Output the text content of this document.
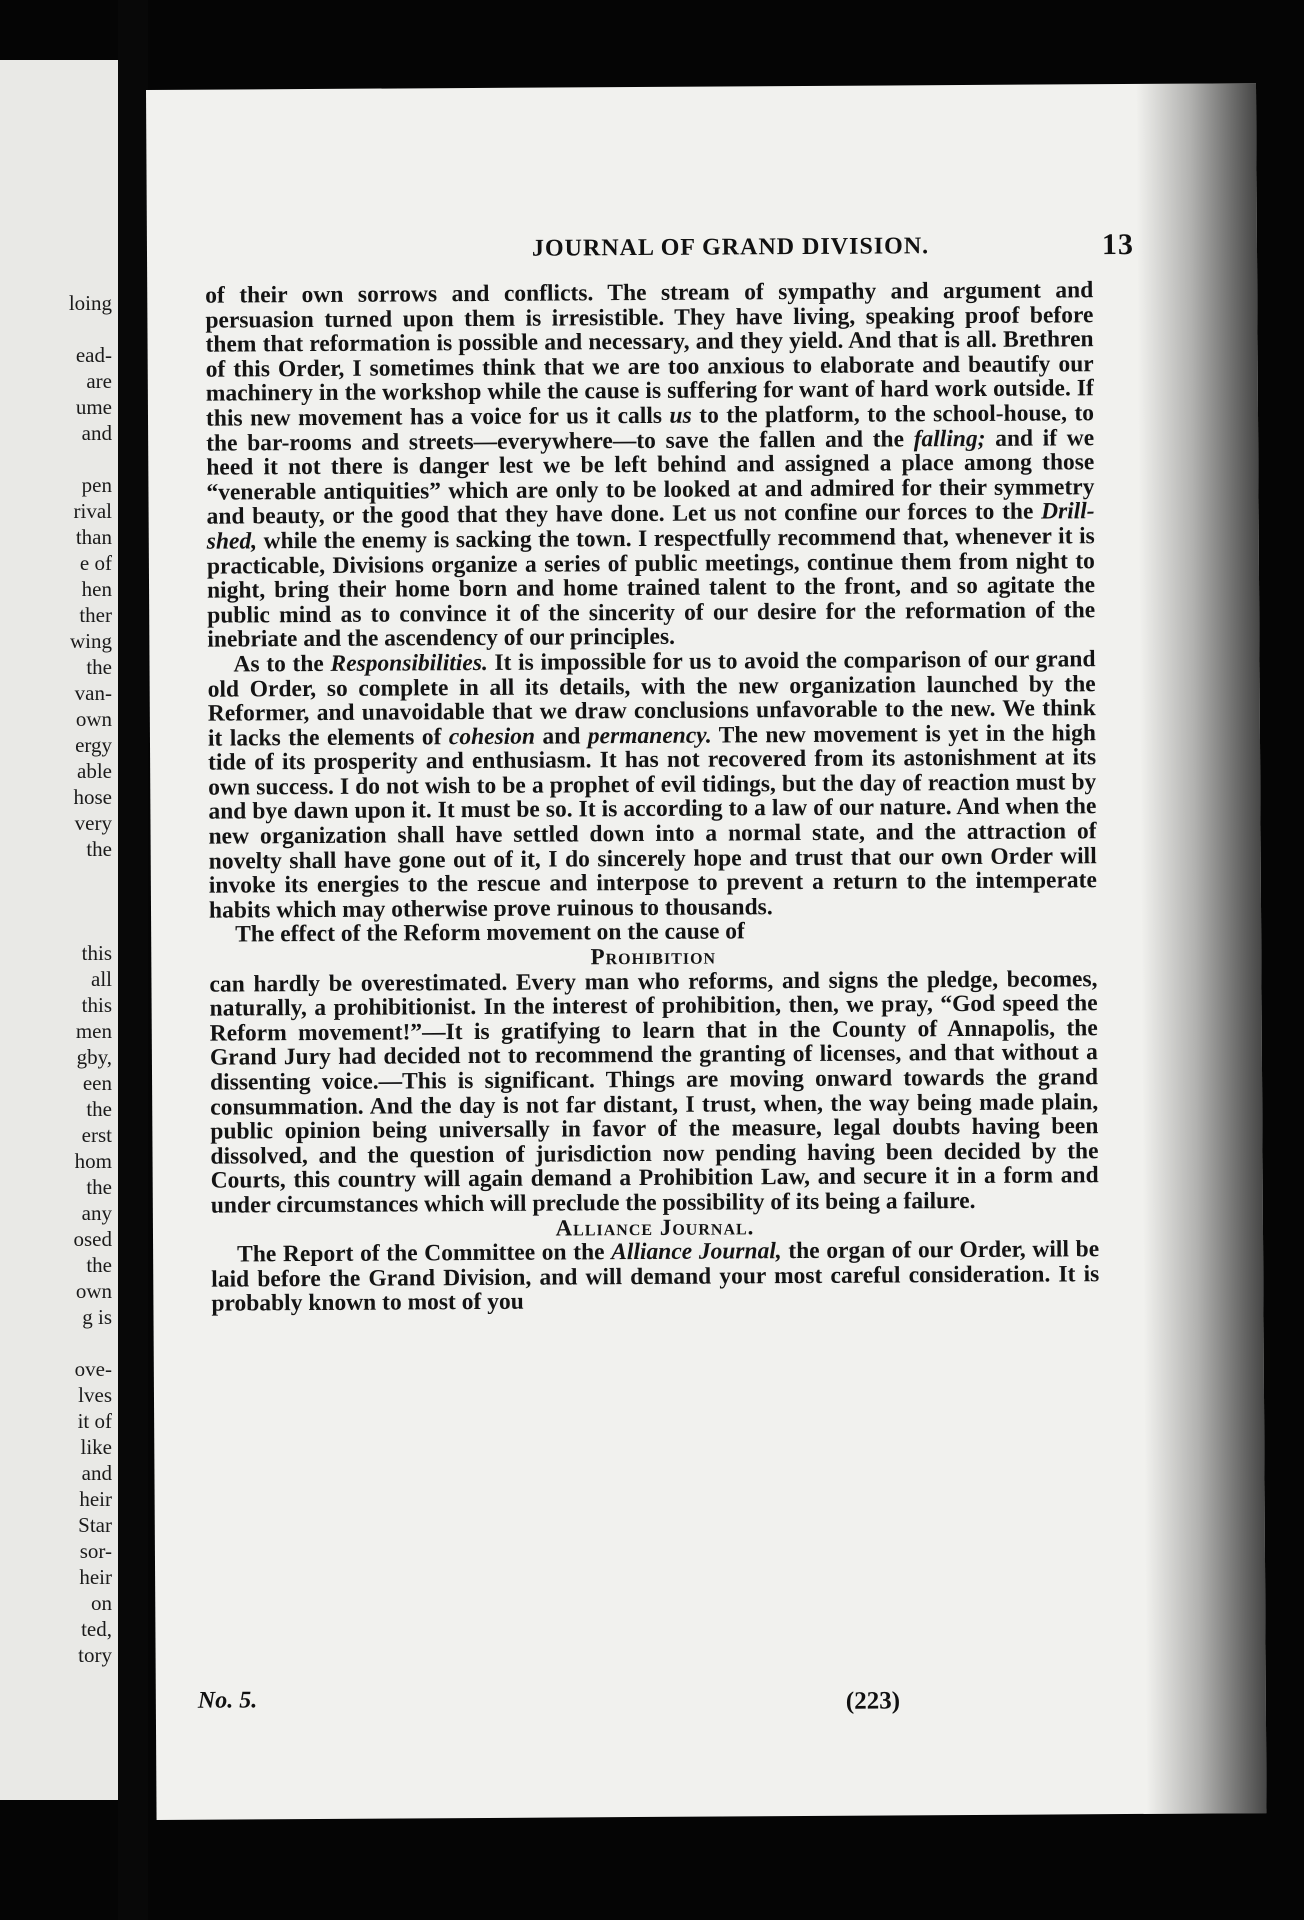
loing

ead-
are
ume
and

pen
rival
than
e of
hen
ther
wing
the
van-
own
ergy
able
hose
very
the

this
all
this
men
gby,
een
the
erst
hom
the
any
osed
the
own
g is

ove-
lves
it of
like
and
heir
Star
sor-
heir
on
ted,
tory
JOURNAL OF GRAND DIVISION.	13

of their own sorrows and conflicts. The stream of sympathy and argument and persuasion turned upon them is irresistible. They have living, speaking proof before them that reformation is possible and necessary, and they yield. And that is all. Brethren of this Order, I sometimes think that we are too anxious to elaborate and beautify our machinery in the workshop while the cause is suffering for want of hard work outside. If this new movement has a voice for us it calls us to the platform, to the school-house, to the bar-rooms and streets—everywhere—to save the fallen and the falling; and if we heed it not there is danger lest we be left behind and assigned a place among those “venerable antiquities” which are only to be looked at and admired for their symmetry and beauty, or the good that they have done. Let us not confine our forces to the Drill-shed, while the enemy is sacking the town. I respectfully recommend that, whenever it is practicable, Divisions organize a series of public meetings, continue them from night to night, bring their home born and home trained talent to the front, and so agitate the public mind as to convince it of the sincerity of our desire for the reformation of the inebriate and the ascendency of our principles.

As to the Responsibilities. It is impossible for us to avoid the comparison of our grand old Order, so complete in all its details, with the new organization launched by the Reformer, and unavoidable that we draw conclusions unfavorable to the new. We think it lacks the elements of cohesion and permanency. The new movement is yet in the high tide of its prosperity and enthusiasm. It has not recovered from its astonishment at its own success. I do not wish to be a prophet of evil tidings, but the day of reaction must by and bye dawn upon it. It must be so. It is according to a law of our nature. And when the new organization shall have settled down into a normal state, and the attraction of novelty shall have gone out of it, I do sincerely hope and trust that our own Order will invoke its energies to the rescue and interpose to prevent a return to the intemperate habits which may otherwise prove ruinous to thousands.

The effect of the Reform movement on the cause of

Prohibition

can hardly be overestimated. Every man who reforms, and signs the pledge, becomes, naturally, a prohibitionist. In the interest of prohibition, then, we pray, “God speed the Reform movement!”—It is gratifying to learn that in the County of Annapolis, the Grand Jury had decided not to recommend the granting of licenses, and that without a dissenting voice.—This is significant. Things are moving onward towards the grand consummation. And the day is not far distant, I trust, when, the way being made plain, public opinion being universally in favor of the measure, legal doubts having been dissolved, and the question of jurisdiction now pending having been decided by the Courts, this country will again demand a Prohibition Law, and secure it in a form and under circumstances which will preclude the possibility of its being a failure.

Alliance Journal.

The Report of the Committee on the Alliance Journal, the organ of our Order, will be laid before the Grand Division, and will demand your most careful consideration. It is probably known to most of you

No. 5.	(223)
